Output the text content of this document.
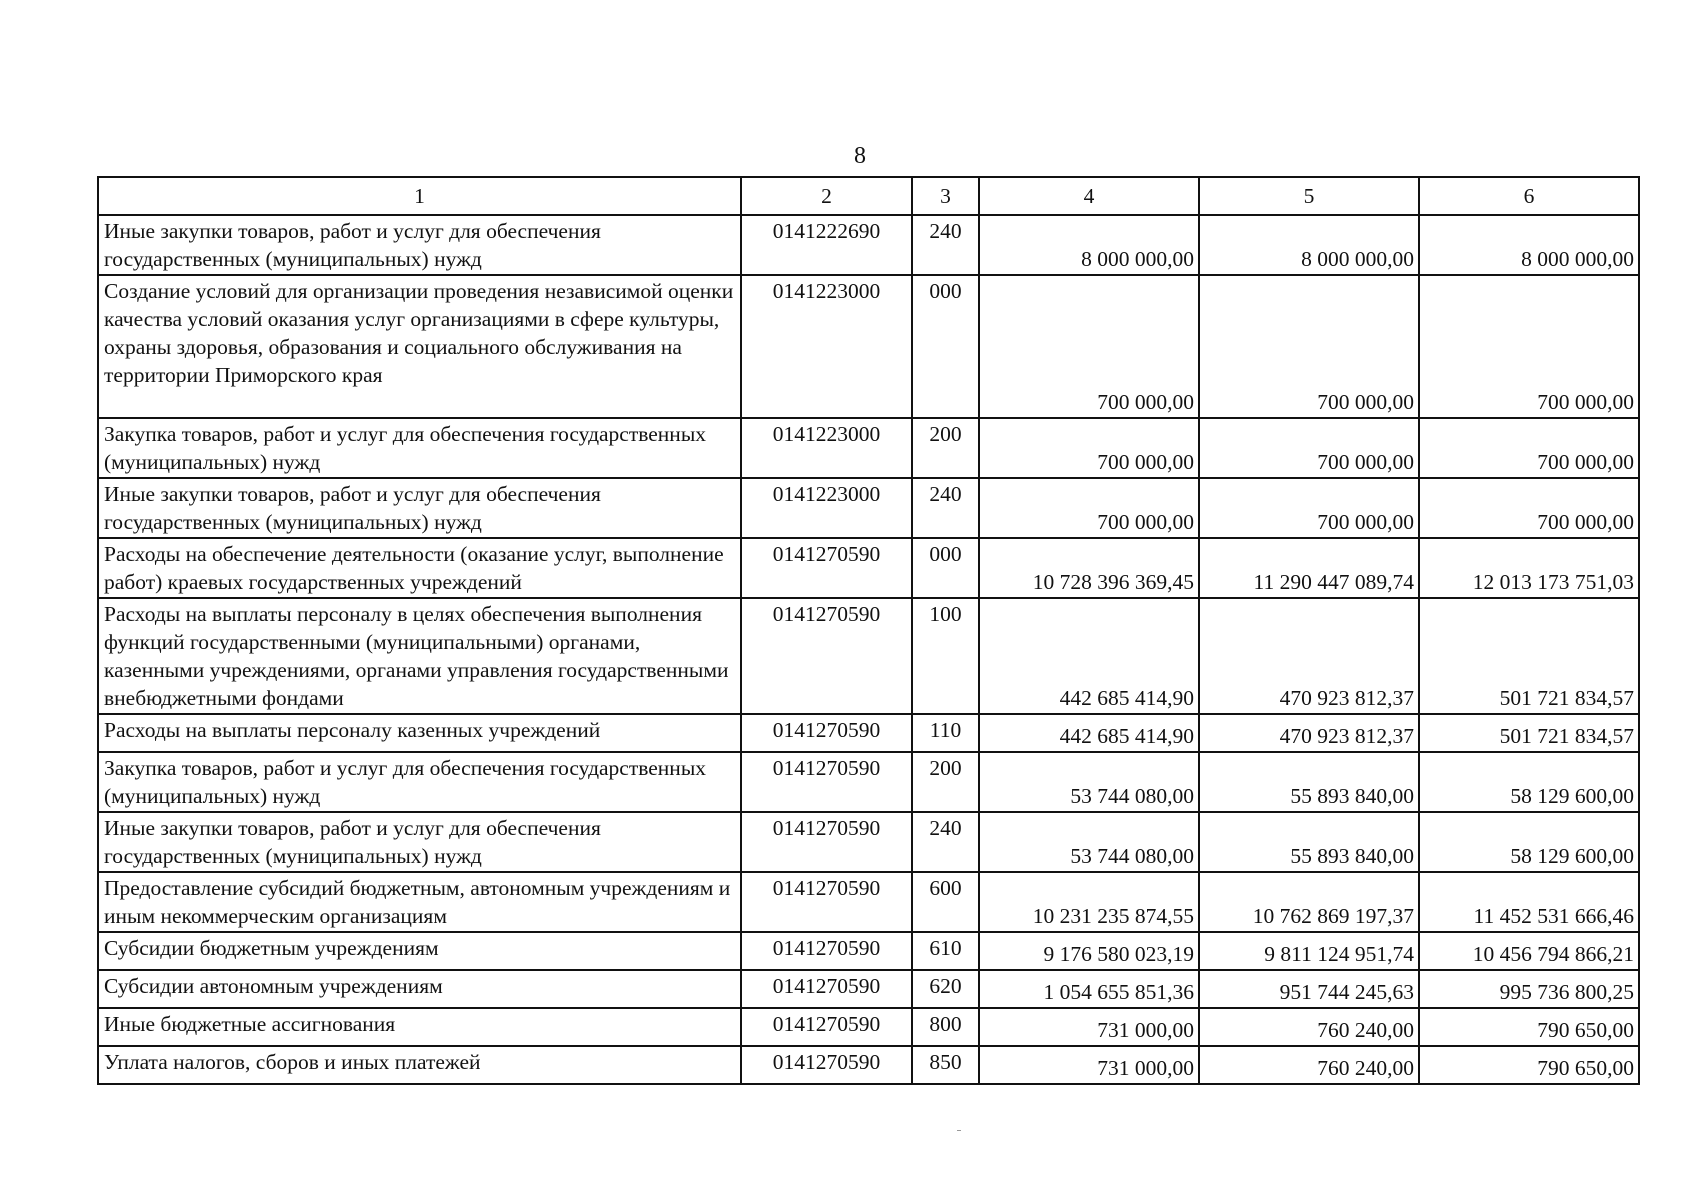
8
1	2	3	4	5	6
Иные закупки товаров, работ и услуг для обеспечения государственных (муниципальных) нужд	0141222690	240	8 000 000,00	8 000 000,00	8 000 000,00
Создание условий для организации проведения независимой оценки качества условий оказания услуг организациями в сфере культуры, охраны здоровья, образования и социального обслуживания на территории Приморского края	0141223000	000	700 000,00	700 000,00	700 000,00
Закупка товаров, работ и услуг для обеспечения государственных (муниципальных) нужд	0141223000	200	700 000,00	700 000,00	700 000,00
Иные закупки товаров, работ и услуг для обеспечения государственных (муниципальных) нужд	0141223000	240	700 000,00	700 000,00	700 000,00
Расходы на обеспечение деятельности (оказание услуг, выполнение работ) краевых государственных учреждений	0141270590	000	10 728 396 369,45	11 290 447 089,74	12 013 173 751,03
Расходы на выплаты персоналу в целях обеспечения выполнения функций государственными (муниципальными) органами, казенными учреждениями, органами управления государственными внебюджетными фондами	0141270590	100	442 685 414,90	470 923 812,37	501 721 834,57
Расходы на выплаты персоналу казенных учреждений	0141270590	110	442 685 414,90	470 923 812,37	501 721 834,57
Закупка товаров, работ и услуг для обеспечения государственных (муниципальных) нужд	0141270590	200	53 744 080,00	55 893 840,00	58 129 600,00
Иные закупки товаров, работ и услуг для обеспечения государственных (муниципальных) нужд	0141270590	240	53 744 080,00	55 893 840,00	58 129 600,00
Предоставление субсидий бюджетным, автономным учреждениям и иным некоммерческим организациям	0141270590	600	10 231 235 874,55	10 762 869 197,37	11 452 531 666,46
Субсидии бюджетным учреждениям	0141270590	610	9 176 580 023,19	9 811 124 951,74	10 456 794 866,21
Субсидии автономным учреждениям	0141270590	620	1 054 655 851,36	951 744 245,63	995 736 800,25
Иные бюджетные ассигнования	0141270590	800	731 000,00	760 240,00	790 650,00
Уплата налогов, сборов и иных платежей	0141270590	850	731 000,00	760 240,00	790 650,00
